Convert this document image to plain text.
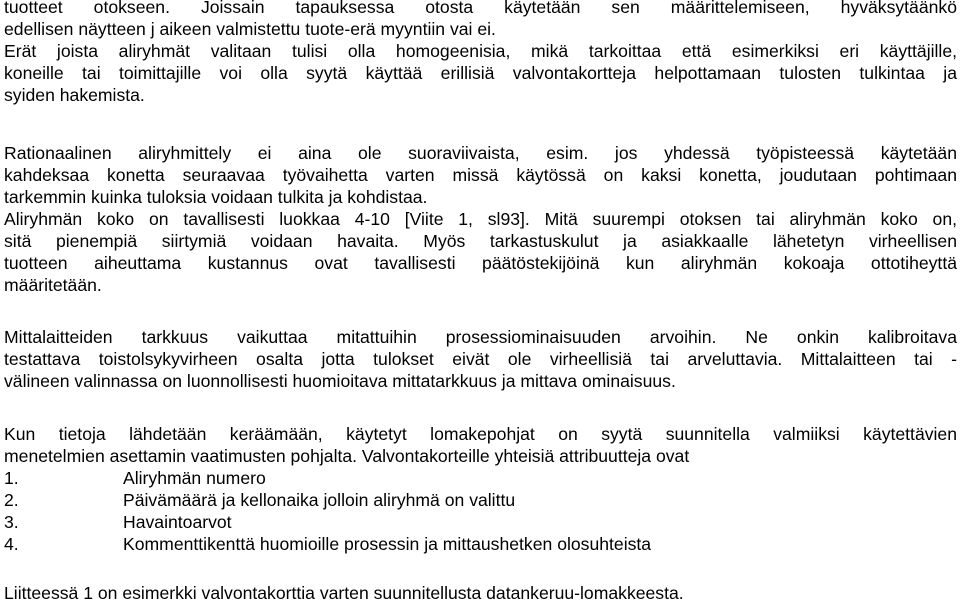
tuotteet otokseen. Joissain tapauksessa otosta käytetään sen määrittelemiseen, hyväksytäänkö
edellisen näytteen j aikeen valmistettu tuote-erä myyntiin vai ei.
Erät joista aliryhmät valitaan tulisi olla homogeenisia, mikä tarkoittaa että esimerkiksi eri käyttäjille,
koneille tai toimittajille voi olla syytä käyttää erillisiä valvontakortteja helpottamaan tulosten tulkintaa ja
syiden hakemista.
Rationaalinen aliryhmittely ei aina ole suoraviivaista, esim. jos yhdessä työpisteessä käytetään
kahdeksaa konetta seuraavaa työvaihetta varten missä käytössä on kaksi konetta, joudutaan pohtimaan
tarkemmin kuinka tuloksia voidaan tulkita ja kohdistaa.
Aliryhmän koko on tavallisesti luokkaa 4-10 [Viite 1, sl93]. Mitä suurempi otoksen tai aliryhmän koko on,
sitä pienempiä siirtymiä voidaan havaita. Myös tarkastuskulut ja asiakkaalle lähetetyn virheellisen
tuotteen aiheuttama kustannus ovat tavallisesti päätöstekijöinä kun aliryhmän kokoaja ottotiheyttä
määritetään.
Mittalaitteiden tarkkuus vaikuttaa mitattuihin prosessiominaisuuden arvoihin. Ne onkin kalibroitava
testattava toistolsykyvirheen osalta jotta tulokset eivät ole virheellisiä tai arveluttavia. Mittalaitteen tai -
välineen valinnassa on luonnollisesti huomioitava mittatarkkuus ja mittava ominaisuus.
Kun tietoja lähdetään keräämään, käytetyt lomakepohjat on syytä suunnitella valmiiksi käytettävien
menetelmien asettamin vaatimusten pohjalta. Valvontakorteille yhteisiä attribuutteja ovat
1.	Aliryhmän numero
2.	Päivämäärä ja kellonaika jolloin aliryhmä on valittu
3.	Havaintoarvot
4.	Kommenttikenttä huomioille prosessin ja mittaushetken olosuhteista
Liitteessä 1 on esimerkki valvontakorttia varten suunnitellusta datankeruu-lomakkeesta.
